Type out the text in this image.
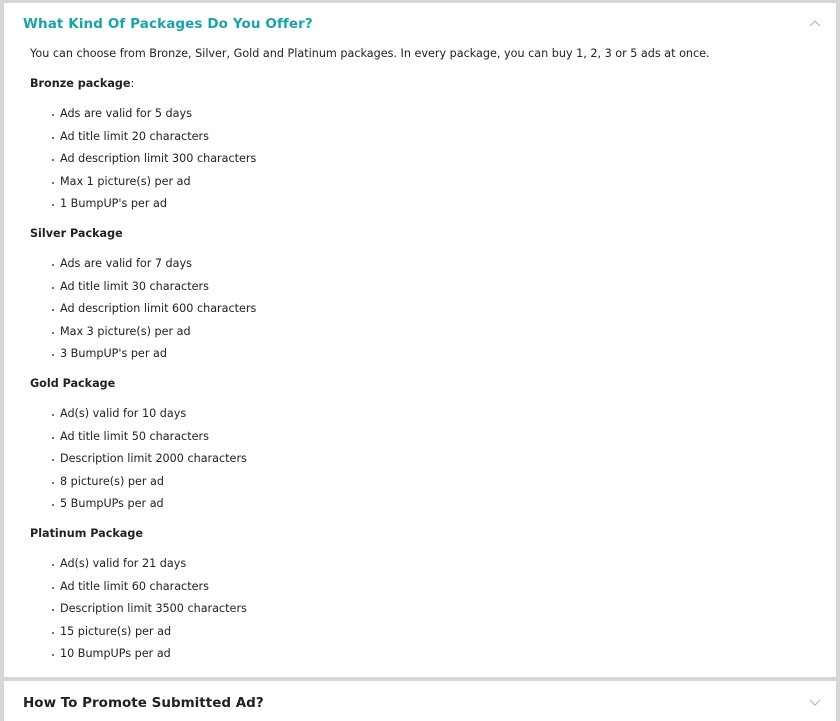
What Kind Of Packages Do You Offer?
You can choose from Bronze, Silver, Gold and Platinum packages. In every package, you can buy 1, 2, 3 or 5 ads at once.
Bronze package:
Ads are valid for 5 days
Ad title limit 20 characters
Ad description limit 300 characters
Max 1 picture(s) per ad
1 BumpUP's per ad
Silver Package
Ads are valid for 7 days
Ad title limit 30 characters
Ad description limit 600 characters
Max 3 picture(s) per ad
3 BumpUP's per ad
Gold Package
Ad(s) valid for 10 days
Ad title limit 50 characters
Description limit 2000 characters
8 picture(s) per ad
5 BumpUPs per ad
Platinum Package
Ad(s) valid for 21 days
Ad title limit 60 characters
Description limit 3500 characters
15 picture(s) per ad
10 BumpUPs per ad
How To Promote Submitted Ad?
